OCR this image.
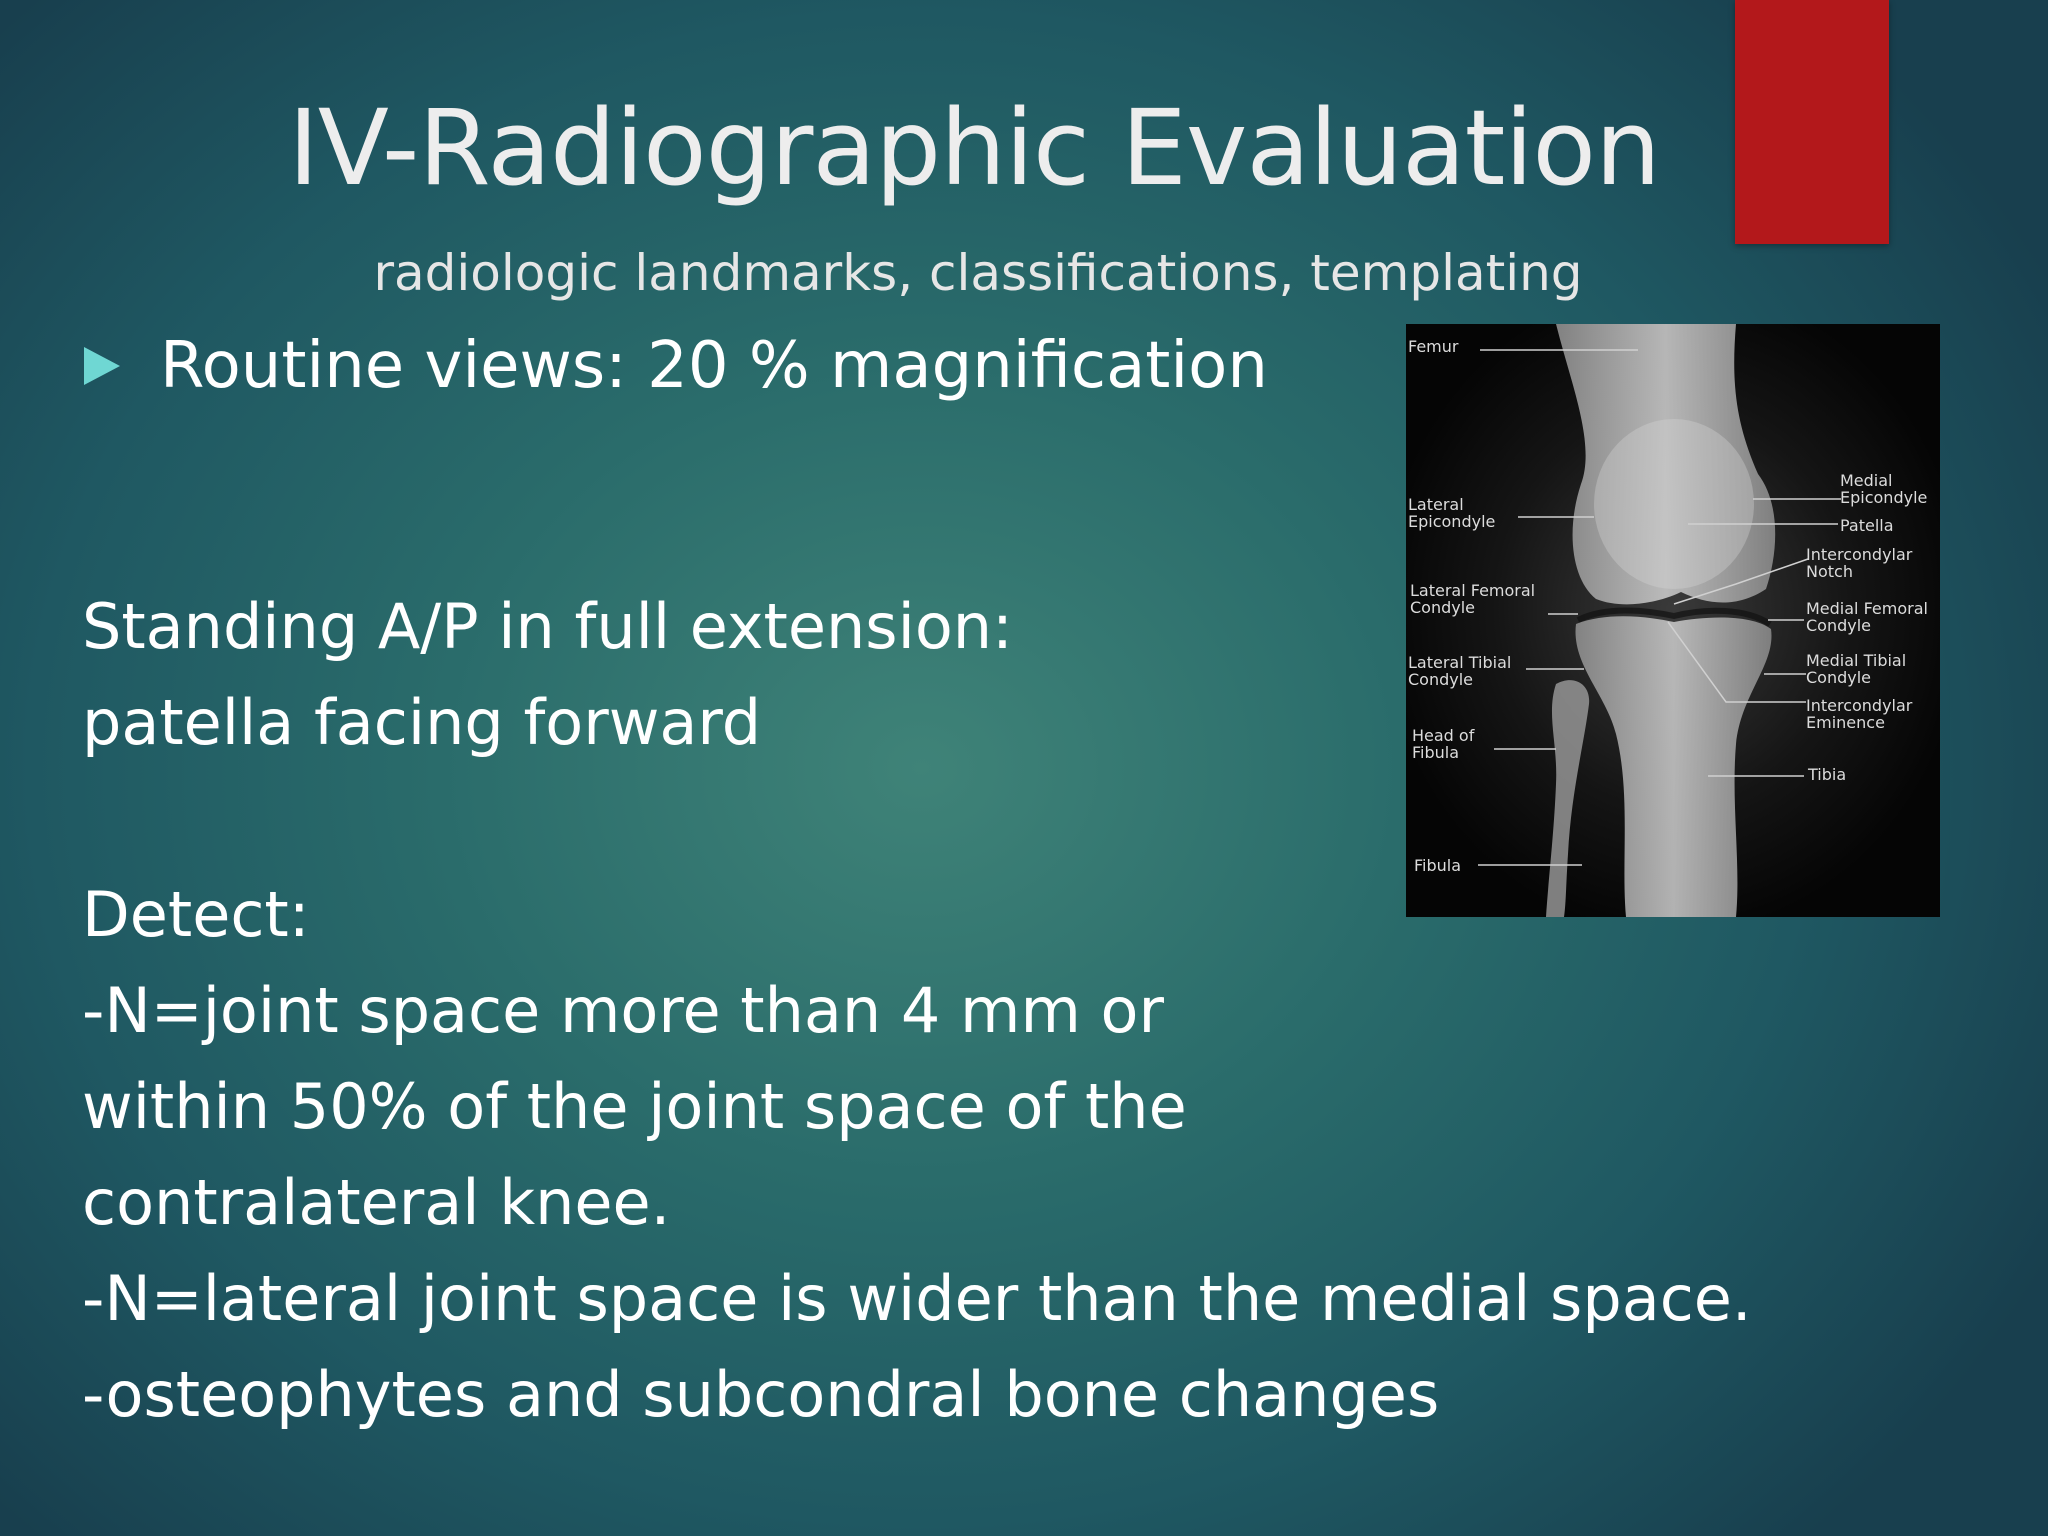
IV-Radiographic Evaluation
radiologic landmarks, classifications, templating
Routine views: 20 % magnification
Standing A/P in full extension:
patella facing forward
Detect:
-N=joint space more than 4 mm or
within 50% of the joint space of the
contralateral knee.
-N=lateral joint space is wider than the medial space.
-osteophytes and subcondral bone changes
Femur
Lateral
Epicondyle
Lateral Femoral
Condyle
Lateral Tibial
Condyle
Head of
Fibula
Fibula
Medial
Epicondyle
Patella
Intercondylar
Notch
Medial Femoral
Condyle
Medial Tibial
Condyle
Intercondylar
Eminence
Tibia
